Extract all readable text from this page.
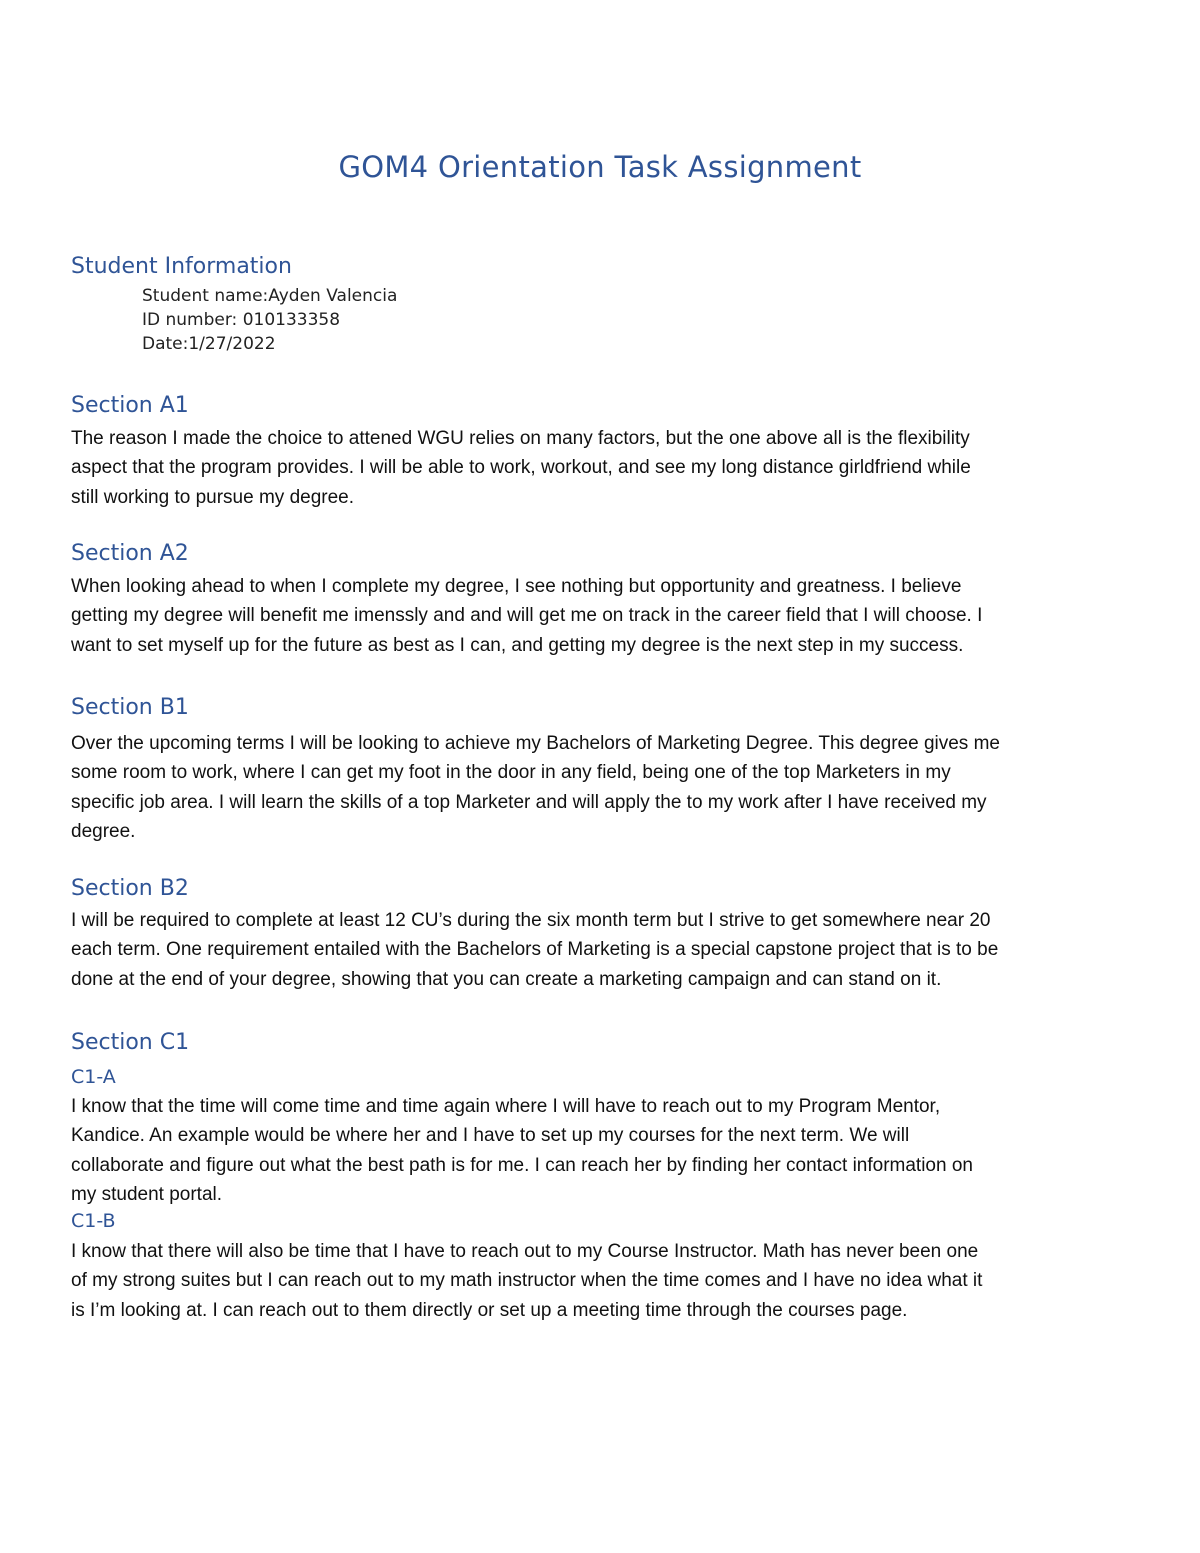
GOM4 Orientation Task Assignment
Student Information
Student name:Ayden Valencia
ID number: 010133358
Date:1/27/2022
Section A1
The reason I made the choice to attened WGU relies on many factors, but the one above all is the flexibility
aspect that the program provides. I will be able to work, workout, and see my long distance girldfriend while
still working to pursue my degree.
Section A2
When looking ahead to when I complete my degree, I see nothing but opportunity and greatness. I believe
getting my degree will benefit me imenssly and and will get me on track in the career field that I will choose. I
want to set myself up for the future as best as I can, and getting my degree is the next step in my success.
Section B1
Over the upcoming terms I will be looking to achieve my Bachelors of Marketing Degree. This degree gives me
some room to work, where I can get my foot in the door in any field, being one of the top Marketers in my
specific job area. I will learn the skills of a top Marketer and will apply the to my work after I have received my
degree.
Section B2
I will be required to complete at least 12 CU’s during the six month term but I strive to get somewhere near 20
each term. One requirement entailed with the Bachelors of Marketing is a special capstone project that is to be
done at the end of your degree, showing that you can create a marketing campaign and can stand on it.
Section C1
C1-A
I know that the time will come time and time again where I will have to reach out to my Program Mentor,
Kandice. An example would be where her and I have to set up my courses for the next term. We will
collaborate and figure out what the best path is for me. I can reach her by finding her contact information on
my student portal.
C1-B
I know that there will also be time that I have to reach out to my Course Instructor. Math has never been one
of my strong suites but I can reach out to my math instructor when the time comes and I have no idea what it
is I’m looking at. I can reach out to them directly or set up a meeting time through the courses page.
